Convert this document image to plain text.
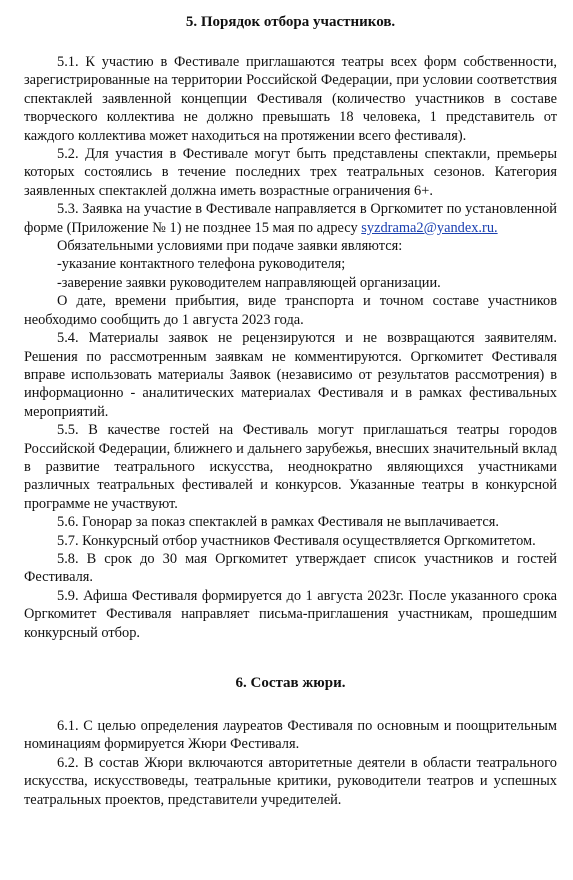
5. Порядок отбора участников.

5.1. К участию в Фестивале приглашаются театры всех форм собственности, зарегистрированные на территории Российской Федерации, при условии соответствия спектаклей заявленной концепции Фестиваля (количество участников в составе творческого коллектива не должно превышать 18 человека, 1 представитель от каждого коллектива может находиться на протяжении всего фестиваля).

5.2. Для участия в Фестивале могут быть представлены спектакли, премьеры которых состоялись в течение последних трех театральных сезонов. Категория заявленных спектаклей должна иметь возрастные ограничения 6+.

5.3. Заявка на участие в Фестивале направляется в Оргкомитет по установленной форме (Приложение № 1) не позднее 15 мая по адресу syzdrama2@yandex.ru.

Обязательными условиями при подаче заявки являются:

-указание контактного телефона руководителя;

-заверение заявки руководителем направляющей организации.

О дате, времени прибытия, виде транспорта и точном составе участников необходимо сообщить до 1 августа 2023 года.

5.4. Материалы заявок не рецензируются и не возвращаются заявителям. Решения по рассмотренным заявкам не комментируются. Оргкомитет Фестиваля вправе использовать материалы Заявок (независимо от результатов рассмотрения) в информационно - аналитических материалах Фестиваля и в рамках фестивальных мероприятий.

5.5. В качестве гостей на Фестиваль могут приглашаться театры городов Российской Федерации, ближнего и дальнего зарубежья, внесших значительный вклад в развитие театрального искусства, неоднократно являющихся участниками различных театральных фестивалей и конкурсов. Указанные театры в конкурсной программе не участвуют.

5.6. Гонорар за показ спектаклей в рамках Фестиваля не выплачивается.

5.7. Конкурсный отбор участников Фестиваля осуществляется Оргкомитетом.

5.8. В срок до 30 мая Оргкомитет утверждает список участников и гостей Фестиваля.

5.9. Афиша Фестиваля формируется до 1 августа 2023г. После указанного срока Оргкомитет Фестиваля направляет письма-приглашения участникам, прошедшим конкурсный отбор.

6. Состав жюри.

6.1. С целью определения лауреатов Фестиваля по основным и поощрительным номинациям формируется Жюри Фестиваля.

6.2. В состав Жюри включаются авторитетные деятели в области театрального искусства, искусствоведы, театральные критики, руководители театров и успешных театральных проектов, представители учредителей.
